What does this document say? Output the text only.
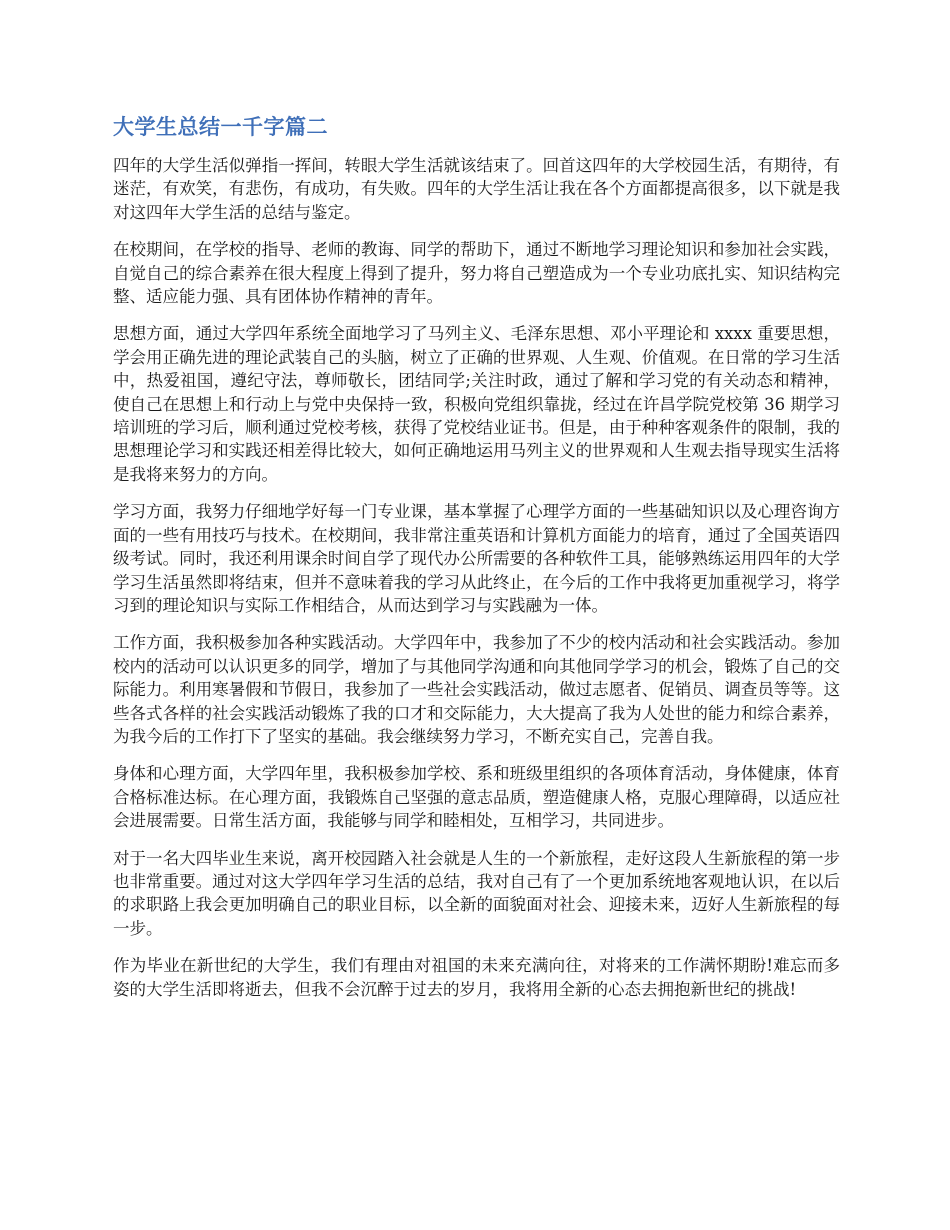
大学生总结一千字篇二

四年的大学生活似弹指一挥间，转眼大学生活就该结束了。回首这四年的大学校园生活，有期待，有迷茫，有欢笑，有悲伤，有成功，有失败。四年的大学生活让我在各个方面都提高很多，以下就是我对这四年大学生活的总结与鉴定。

在校期间，在学校的指导、老师的教诲、同学的帮助下，通过不断地学习理论知识和参加社会实践，自觉自己的综合素养在很大程度上得到了提升，努力将自己塑造成为一个专业功底扎实、知识结构完整、适应能力强、具有团体协作精神的青年。

思想方面，通过大学四年系统全面地学习了马列主义、毛泽东思想、邓小平理论和 xxxx 重要思想，学会用正确先进的理论武装自己的头脑，树立了正确的世界观、人生观、价值观。在日常的学习生活中，热爱祖国，遵纪守法，尊师敬长，团结同学;关注时政，通过了解和学习党的有关动态和精神，使自己在思想上和行动上与党中央保持一致，积极向党组织靠拢，经过在许昌学院党校第 36 期学习培训班的学习后，顺利通过党校考核，获得了党校结业证书。但是，由于种种客观条件的限制，我的思想理论学习和实践还相差得比较大，如何正确地运用马列主义的世界观和人生观去指导现实生活将是我将来努力的方向。

学习方面，我努力仔细地学好每一门专业课，基本掌握了心理学方面的一些基础知识以及心理咨询方面的一些有用技巧与技术。在校期间，我非常注重英语和计算机方面能力的培育，通过了全国英语四级考试。同时，我还利用课余时间自学了现代办公所需要的各种软件工具，能够熟练运用四年的大学学习生活虽然即将结束，但并不意味着我的学习从此终止，在今后的工作中我将更加重视学习，将学习到的理论知识与实际工作相结合，从而达到学习与实践融为一体。

工作方面，我积极参加各种实践活动。大学四年中，我参加了不少的校内活动和社会实践活动。参加校内的活动可以认识更多的同学，增加了与其他同学沟通和向其他同学学习的机会，锻炼了自己的交际能力。利用寒暑假和节假日，我参加了一些社会实践活动，做过志愿者、促销员、调查员等等。这些各式各样的社会实践活动锻炼了我的口才和交际能力，大大提高了我为人处世的能力和综合素养，为我今后的工作打下了坚实的基础。我会继续努力学习，不断充实自己，完善自我。

身体和心理方面，大学四年里，我积极参加学校、系和班级里组织的各项体育活动，身体健康，体育合格标准达标。在心理方面，我锻炼自己坚强的意志品质，塑造健康人格，克服心理障碍，以适应社会进展需要。日常生活方面，我能够与同学和睦相处，互相学习，共同进步。

对于一名大四毕业生来说，离开校园踏入社会就是人生的一个新旅程，走好这段人生新旅程的第一步也非常重要。通过对这大学四年学习生活的总结，我对自己有了一个更加系统地客观地认识，在以后的求职路上我会更加明确自己的职业目标，以全新的面貌面对社会、迎接未来，迈好人生新旅程的每一步。

作为毕业在新世纪的大学生，我们有理由对祖国的未来充满向往，对将来的工作满怀期盼!难忘而多姿的大学生活即将逝去，但我不会沉醉于过去的岁月，我将用全新的心态去拥抱新世纪的挑战!
